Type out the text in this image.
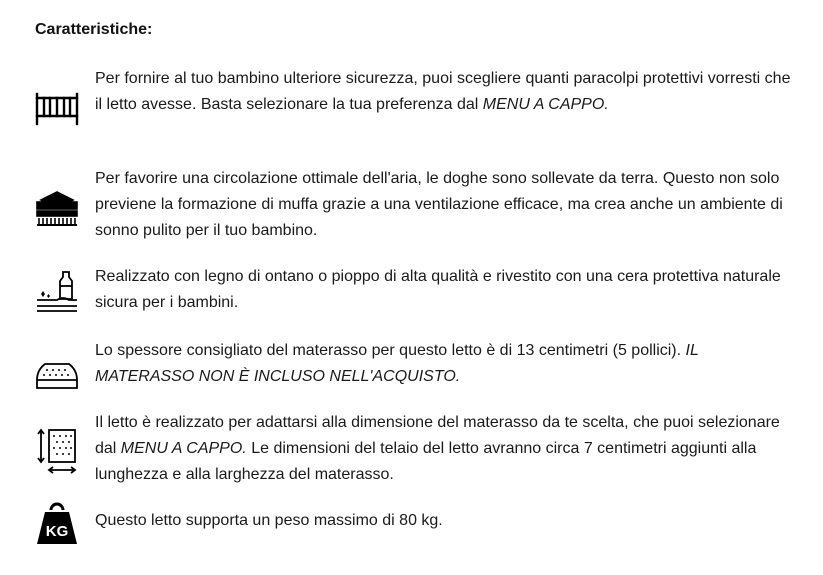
Caratteristiche:
Per fornire al tuo bambino ulteriore sicurezza, puoi scegliere quanti paracolpi protettivi vorresti che il letto avesse. Basta selezionare la tua preferenza dal MENU A CAPPO.
Per favorire una circolazione ottimale dell'aria, le doghe sono sollevate da terra. Questo non solo previene la formazione di muffa grazie a una ventilazione efficace, ma crea anche un ambiente di sonno pulito per il tuo bambino.
Realizzato con legno di ontano o pioppo di alta qualità e rivestito con una cera protettiva naturale sicura per i bambini.
Lo spessore consigliato del materasso per questo letto è di 13 centimetri (5 pollici). IL MATERASSO NON È INCLUSO NELL'ACQUISTO.
Il letto è realizzato per adattarsi alla dimensione del materasso da te scelta, che puoi selezionare dal MENU A CAPPO. Le dimensioni del telaio del letto avranno circa 7 centimetri aggiunti alla lunghezza e alla larghezza del materasso.
KG
Questo letto supporta un peso massimo di 80 kg.
